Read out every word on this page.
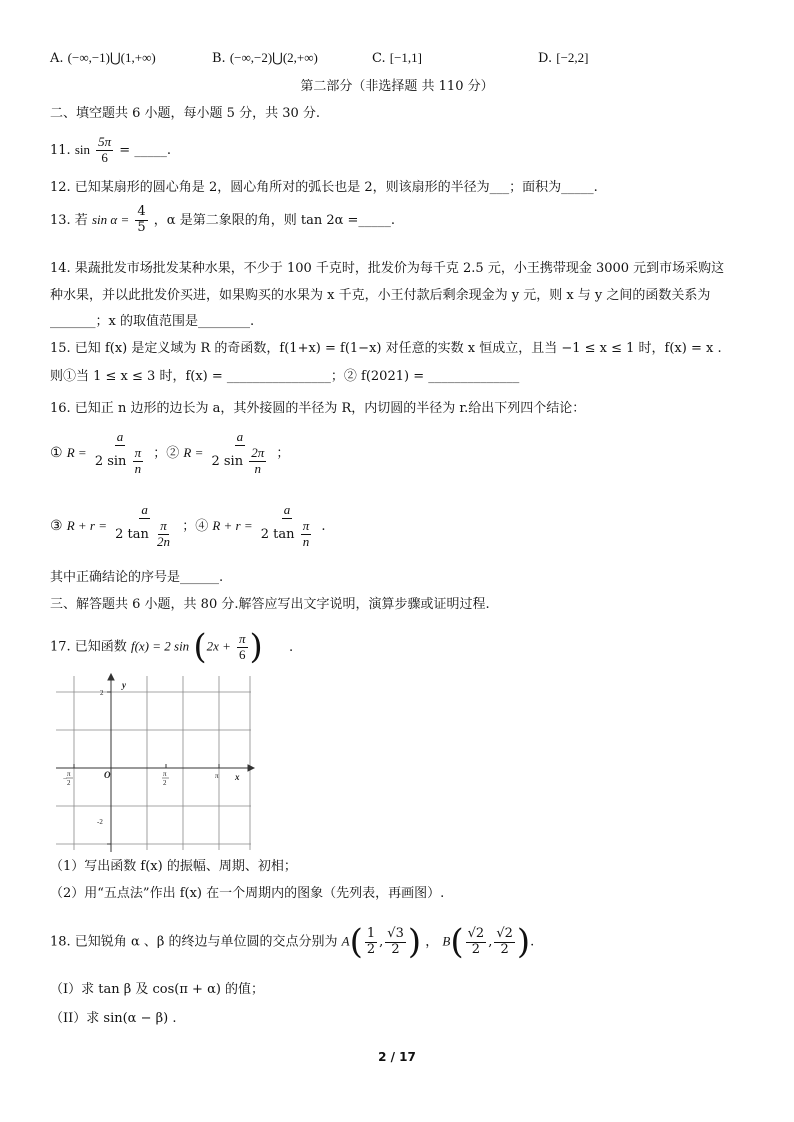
A. (−∞,−1)⋃(1,+∞)	B. (−∞,−2)⋃(2,+∞)	C. [−1,1]	D. [−2,2]
第二部分（非选择题 共 110 分）
二、填空题共 6 小题，每小题 5 分，共 30 分.
11. $\sin \frac{5\pi}{6}$ = _____.
12. 已知某扇形的圆心角是 2，圆心角所对的弧长也是 2，则该扇形的半径为___；面积为_____.
13. 若 $\sin \alpha = \frac{4}{5}$ ，α 是第二象限的角，则 tan 2α =_____.
14. 果蔬批发市场批发某种水果，不少于 100 千克时，批发价为每千克 2.5 元，小王携带现金 3000 元到市场采购这
种水果，并以此批发价买进，如果购买的水果为 x 千克，小王付款后剩余现金为 y 元，则 x 与 y 之间的函数关系为
_______；x 的取值范围是________.
15. 已知 f(x) 是定义域为 R 的奇函数，f(1+x) = f(1−x) 对任意的实数 x 恒成立，且当 −1 ≤ x ≤ 1 时，f(x) = x .
则①当 1 ≤ x ≤ 3 时，f(x) = ________________；② f(2021) = ______________
16. 已知正 n 边形的边长为 a，其外接圆的半径为 R，内切圆的半径为 r.给出下列四个结论：
① $R = \frac{a}{2 \sin \frac{\pi}{n}}$ ；② $R = \frac{a}{2 \sin \frac{2\pi}{n}}$ ；
③ $R + r = \frac{a}{2 \tan \frac{\pi}{2n}}$ ；④ $R + r = \frac{a}{2 \tan \frac{\pi}{n}}$ .
其中正确结论的序号是______.
三、解答题共 6 小题，共 80 分.解答应写出文字说明，演算步骤或证明过程.
17. 已知函数 f(x) = 2 $\sin (2x + \frac{\pi}{6}$ ) .
y
x
O
2
-2
−
π
2
π
2
π
（1）写出函数 f(x) 的振幅、周期、初相；
（2）用“五点法”作出 f(x) 在一个周期内的图象（先列表，再画图）.
18. 已知锐角 α 、β 的终边与单位圆的交点分别为 $A( \frac{1}{2}$ , $\frac{√3}{2}$ ) ， $B( \frac{√2}{2}$ , $\frac{√2}{2}$ ).
（I）求 tan β 及 cos(π + α) 的值；
（II）求 sin(α − β) .
2 / 17
